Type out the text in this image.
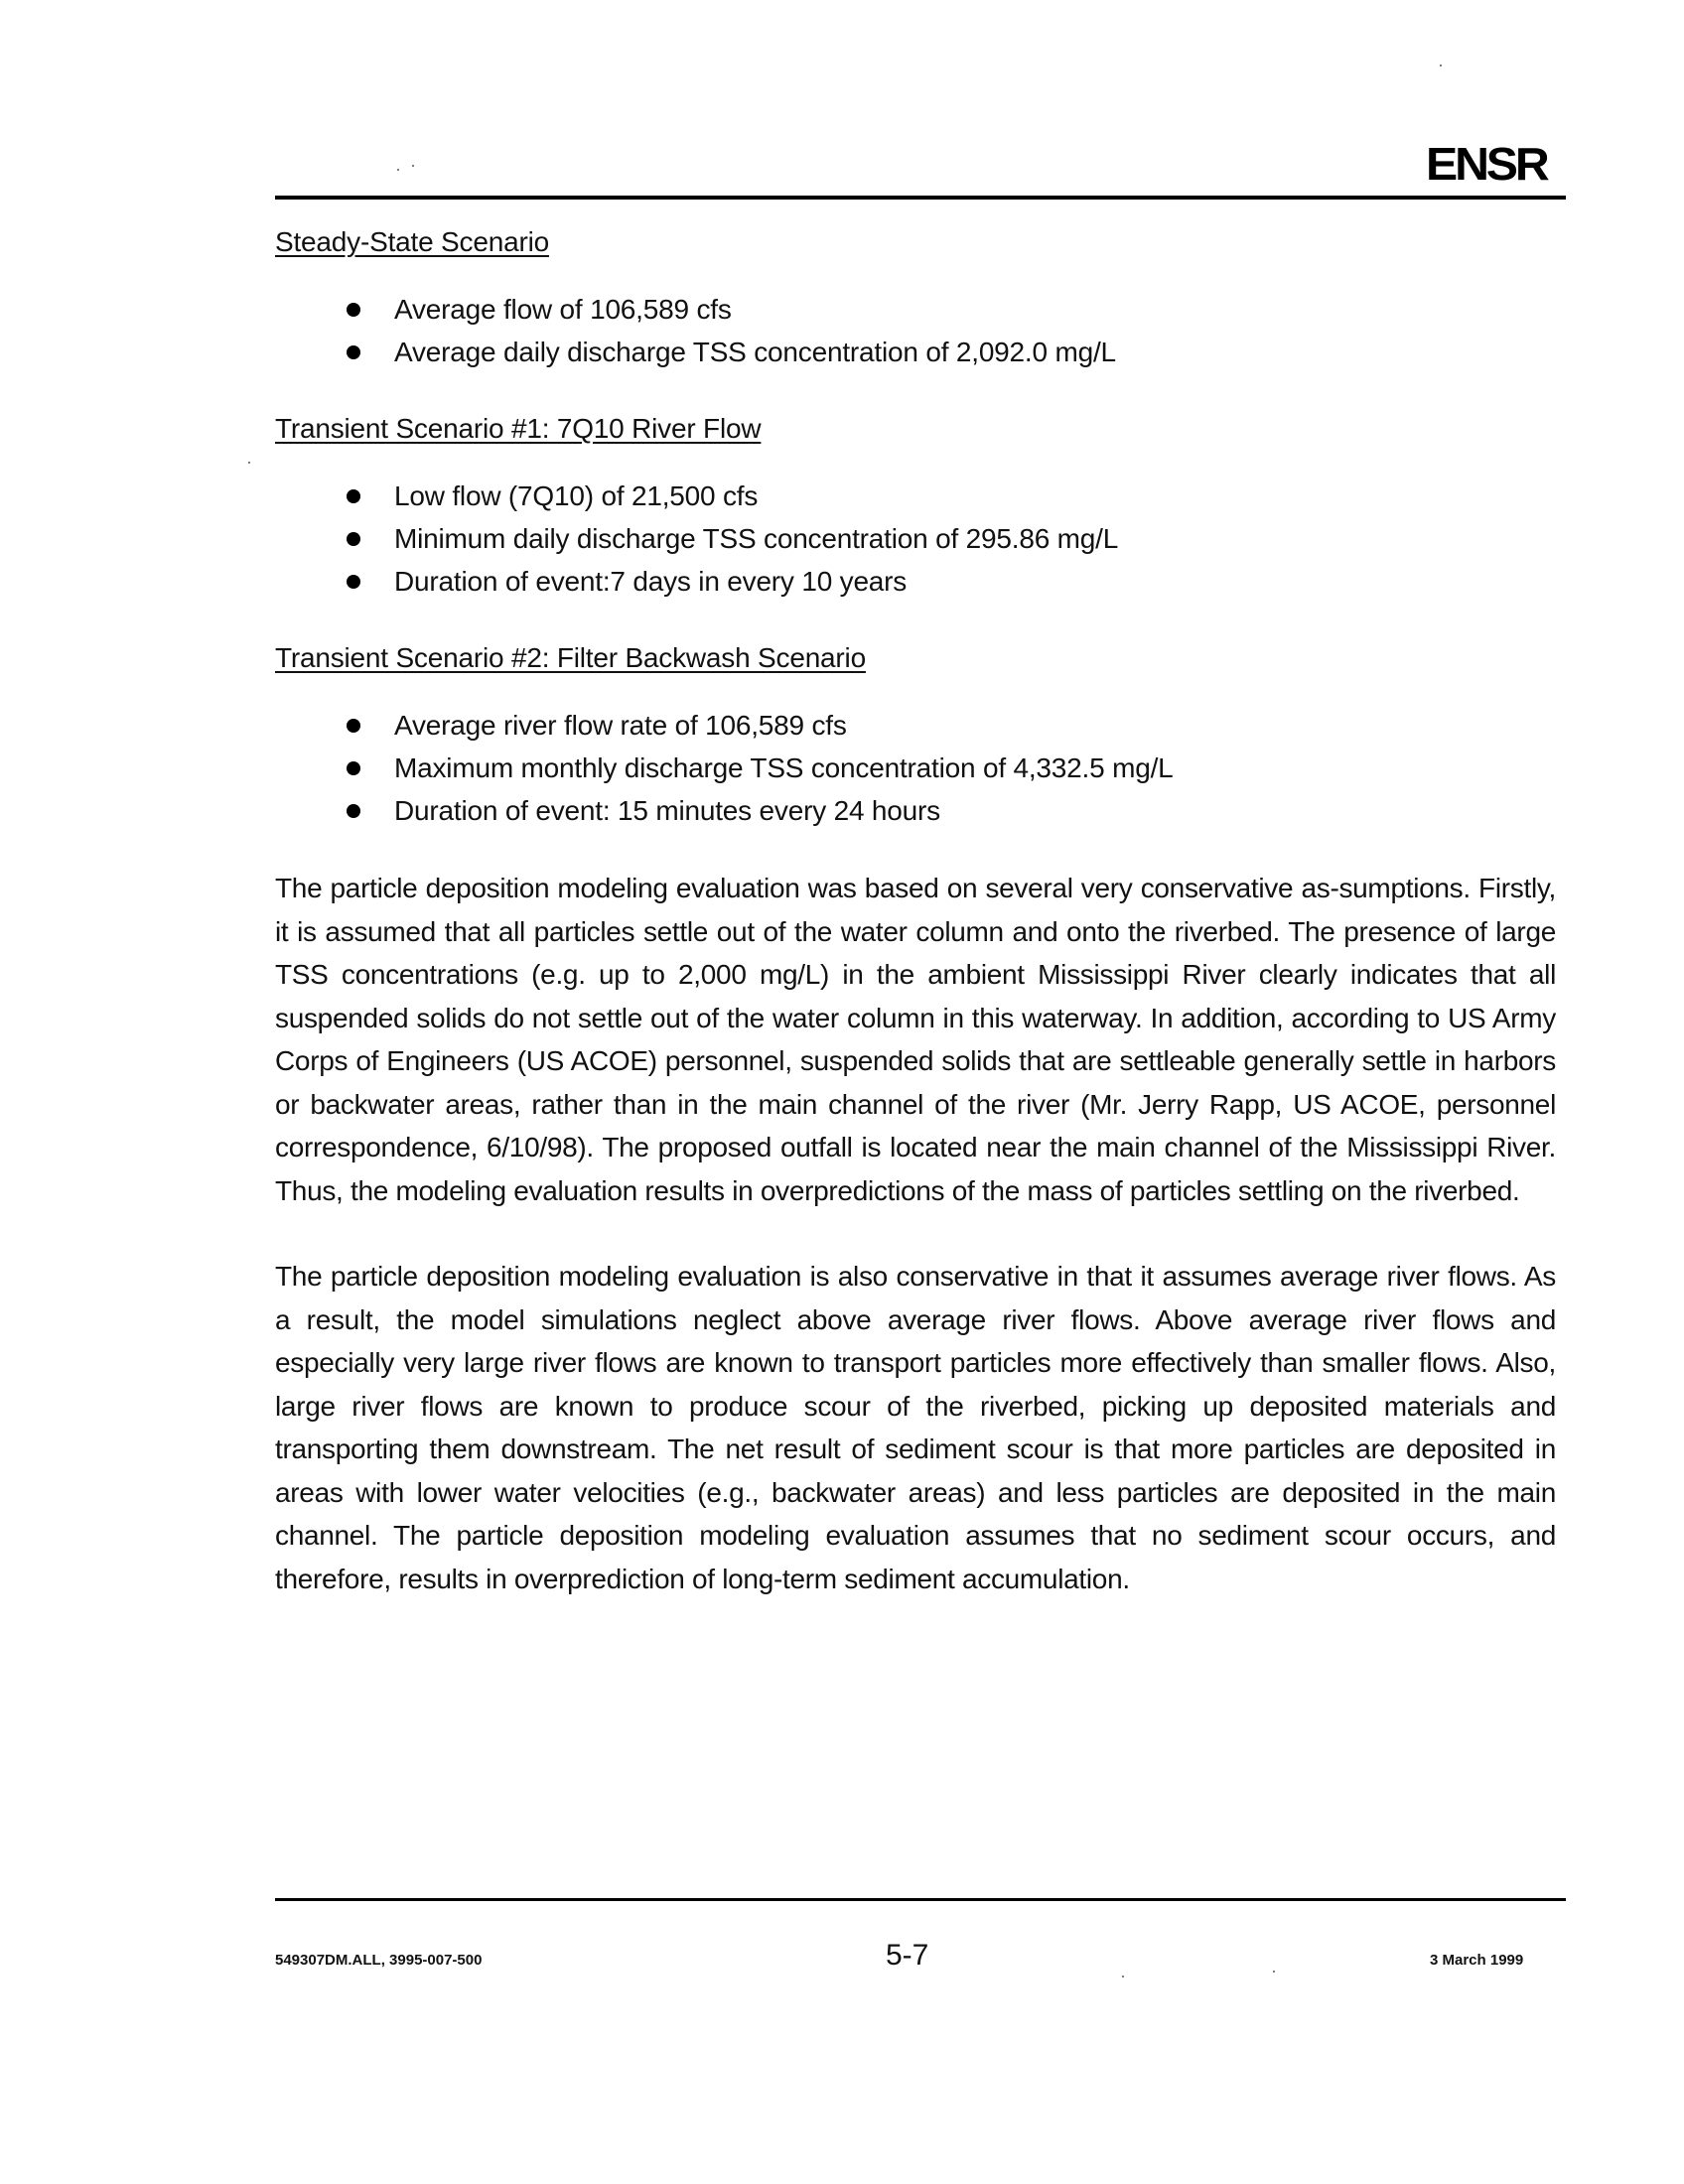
ENSR

Steady-State Scenario

Average flow of 106,589 cfs
Average daily discharge TSS concentration of 2,092.0 mg/L

Transient Scenario #1: 7Q10 River Flow

Low flow (7Q10) of 21,500 cfs
Minimum daily discharge TSS concentration of 295.86 mg/L
Duration of event:7 days in every 10 years

Transient Scenario #2: Filter Backwash Scenario

Average river flow rate of 106,589 cfs
Maximum monthly discharge TSS concentration of 4,332.5 mg/L
Duration of event: 15 minutes every 24 hours

The particle deposition modeling evaluation was based on several very conservative as-sumptions. Firstly, it is assumed that all particles settle out of the water column and onto the riverbed. The presence of large TSS concentrations (e.g. up to 2,000 mg/L) in the ambient Mississippi River clearly indicates that all suspended solids do not settle out of the water column in this waterway. In addition, according to US Army Corps of Engineers (US ACOE) personnel, suspended solids that are settleable generally settle in harbors or backwater areas, rather than in the main channel of the river (Mr. Jerry Rapp, US ACOE, personnel correspondence, 6/10/98). The proposed outfall is located near the main channel of the Mississippi River. Thus, the modeling evaluation results in overpredictions of the mass of particles settling on the riverbed.

The particle deposition modeling evaluation is also conservative in that it assumes average river flows. As a result, the model simulations neglect above average river flows. Above average river flows and especially very large river flows are known to transport particles more effectively than smaller flows. Also, large river flows are known to produce scour of the riverbed, picking up deposited materials and transporting them downstream. The net result of sediment scour is that more particles are deposited in areas with lower water velocities (e.g., backwater areas) and less particles are deposited in the main channel. The particle deposition modeling evaluation assumes that no sediment scour occurs, and therefore, results in overprediction of long-term sediment accumulation.

549307DM.ALL, 3995-007-500	5-7	3 March 1999
